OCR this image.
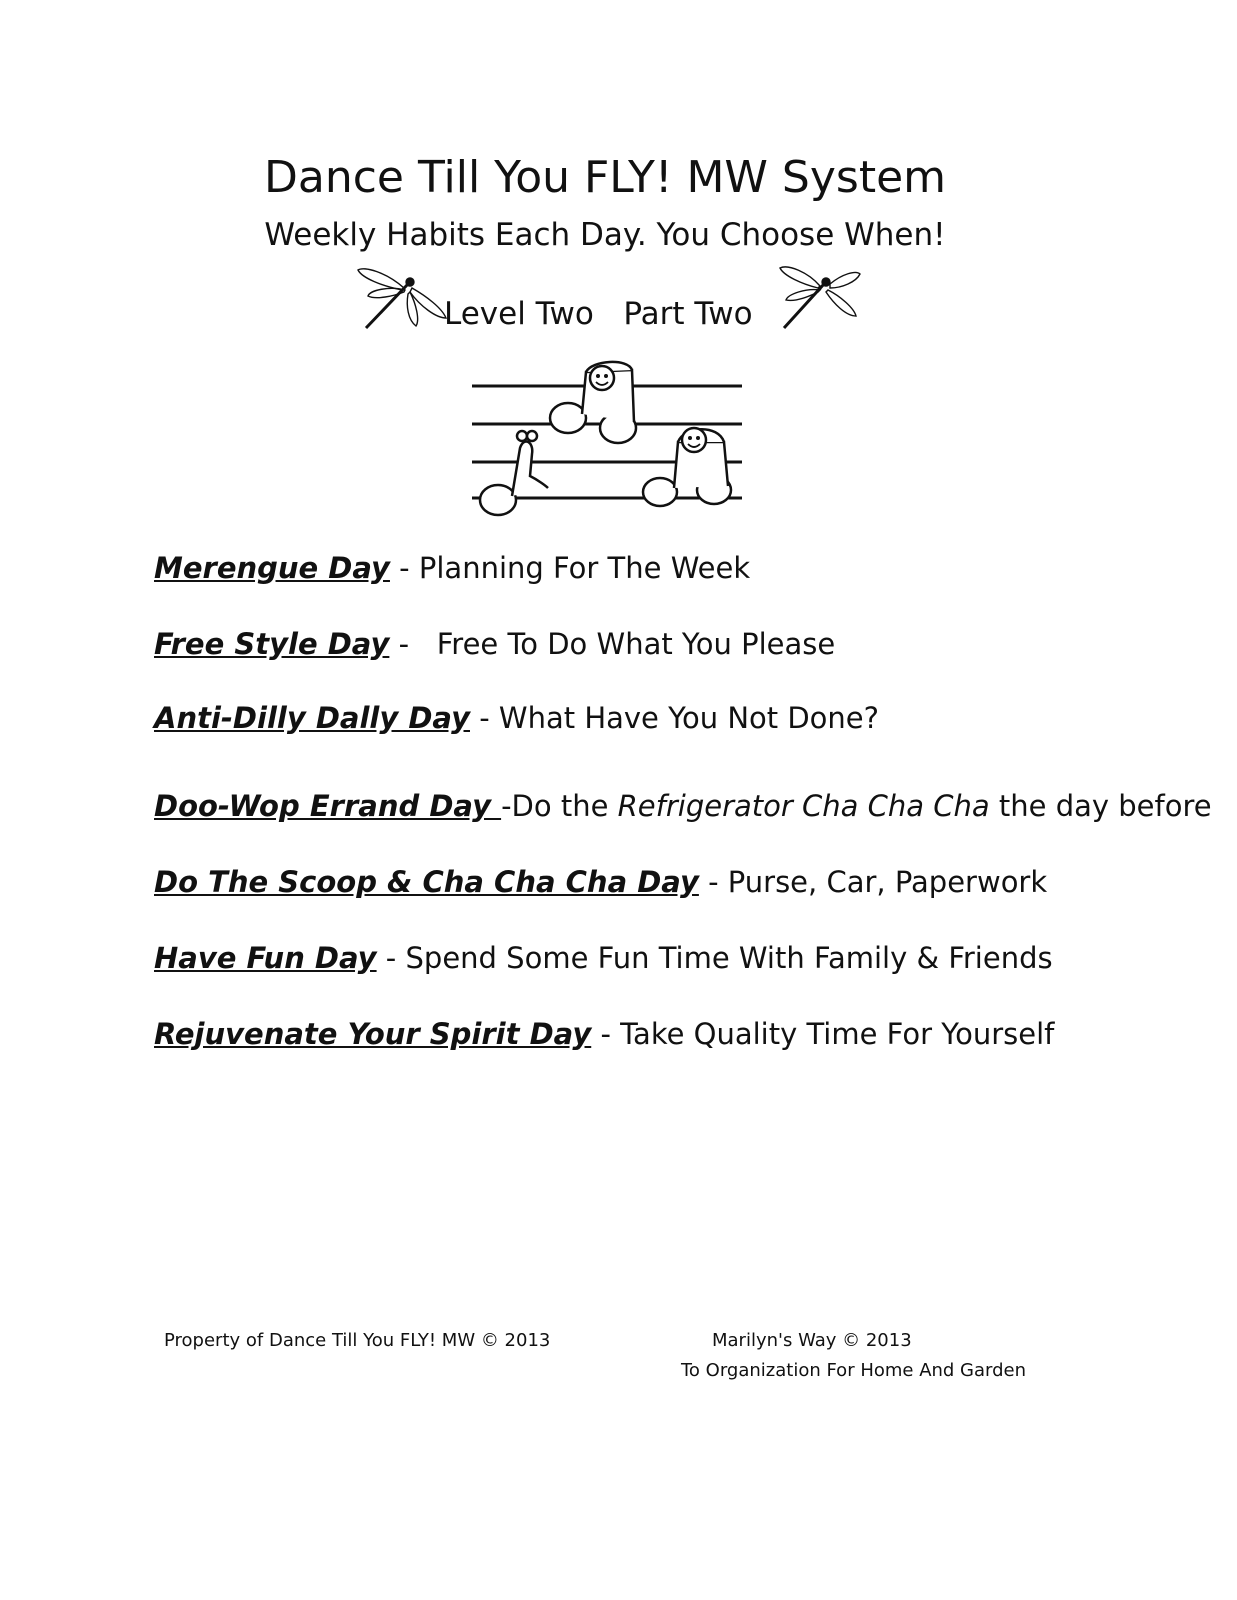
Dance Till You FLY! MW System
Weekly Habits Each Day. You Choose When!
Level Two   Part Two
Merengue Day - Planning For The Week
Free Style Day -   Free To Do What You Please
Anti-Dilly Dally Day - What Have You Not Done?
Doo-Wop Errand Day -Do the Refrigerator Cha Cha Cha the day before
Do The Scoop & Cha Cha Cha Day - Purse, Car, Paperwork
Have Fun Day - Spend Some Fun Time With Family & Friends
Rejuvenate Your Spirit Day - Take Quality Time For Yourself
Property of Dance Till You FLY! MW © 2013	Marilyn's Way © 2013
To Organization For Home And Garden
